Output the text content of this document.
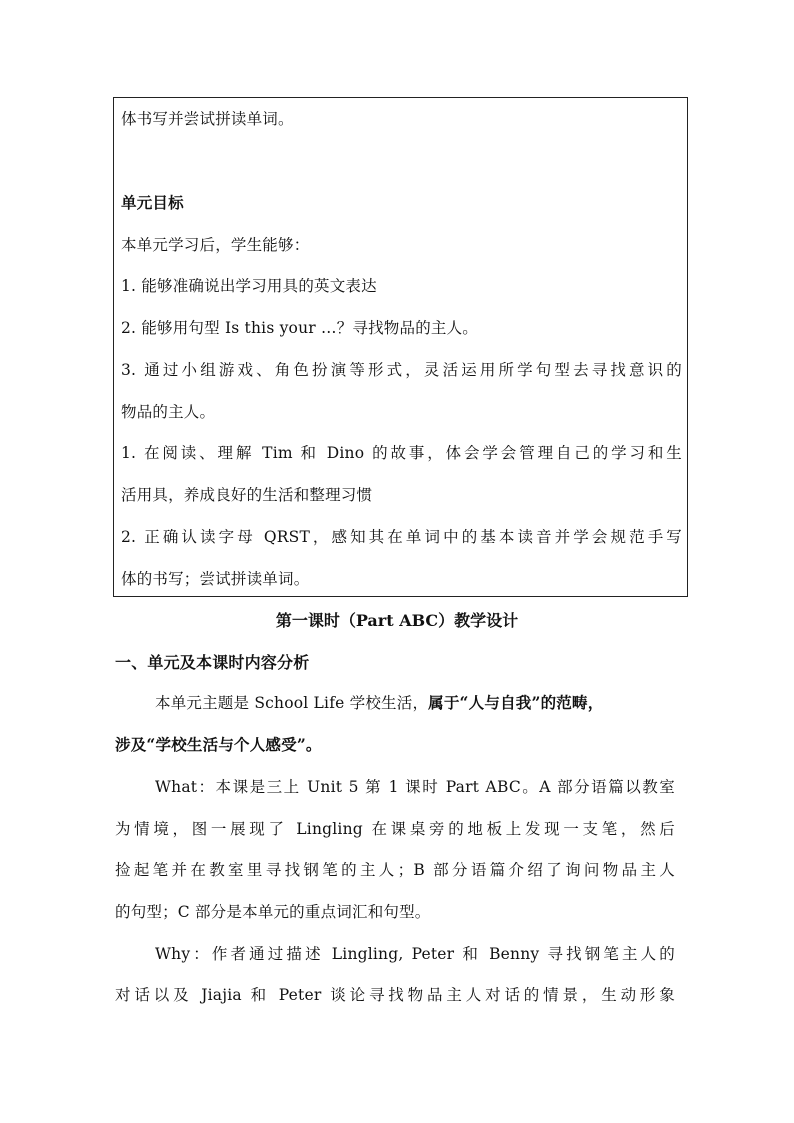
体书写并尝试拼读单词。
单元目标
本单元学习后，学生能够：
1. 能够准确说出学习用具的英文表达
2. 能够用句型 Is this your …？寻找物品的主人。
3. 通过小组游戏、角色扮演等形式，灵活运用所学句型去寻找意识的
物品的主人。
1. 在阅读、理解 Tim 和 Dino 的故事，体会学会管理自己的学习和生
活用具，养成良好的生活和整理习惯
2. 正确认读字母 QRST，感知其在单词中的基本读音并学会规范手写
体的书写；尝试拼读单词。
第一课时（Part ABC）教学设计
一、单元及本课时内容分析
本单元主题是 School Life 学校生活，属于“人与自我”的范畴，
涉及“学校生活与个人感受”。
What：本课是三上 Unit 5 第 1 课时 Part ABC。A 部分语篇以教室
为情境，图一展现了 Lingling 在课桌旁的地板上发现一支笔，然后
捡起笔并在教室里寻找钢笔的主人；B 部分语篇介绍了询问物品主人
的句型；C 部分是本单元的重点词汇和句型。
Why：作者通过描述 Lingling, Peter 和 Benny 寻找钢笔主人的
对话以及 Jiajia 和 Peter 谈论寻找物品主人对话的情景，生动形象
